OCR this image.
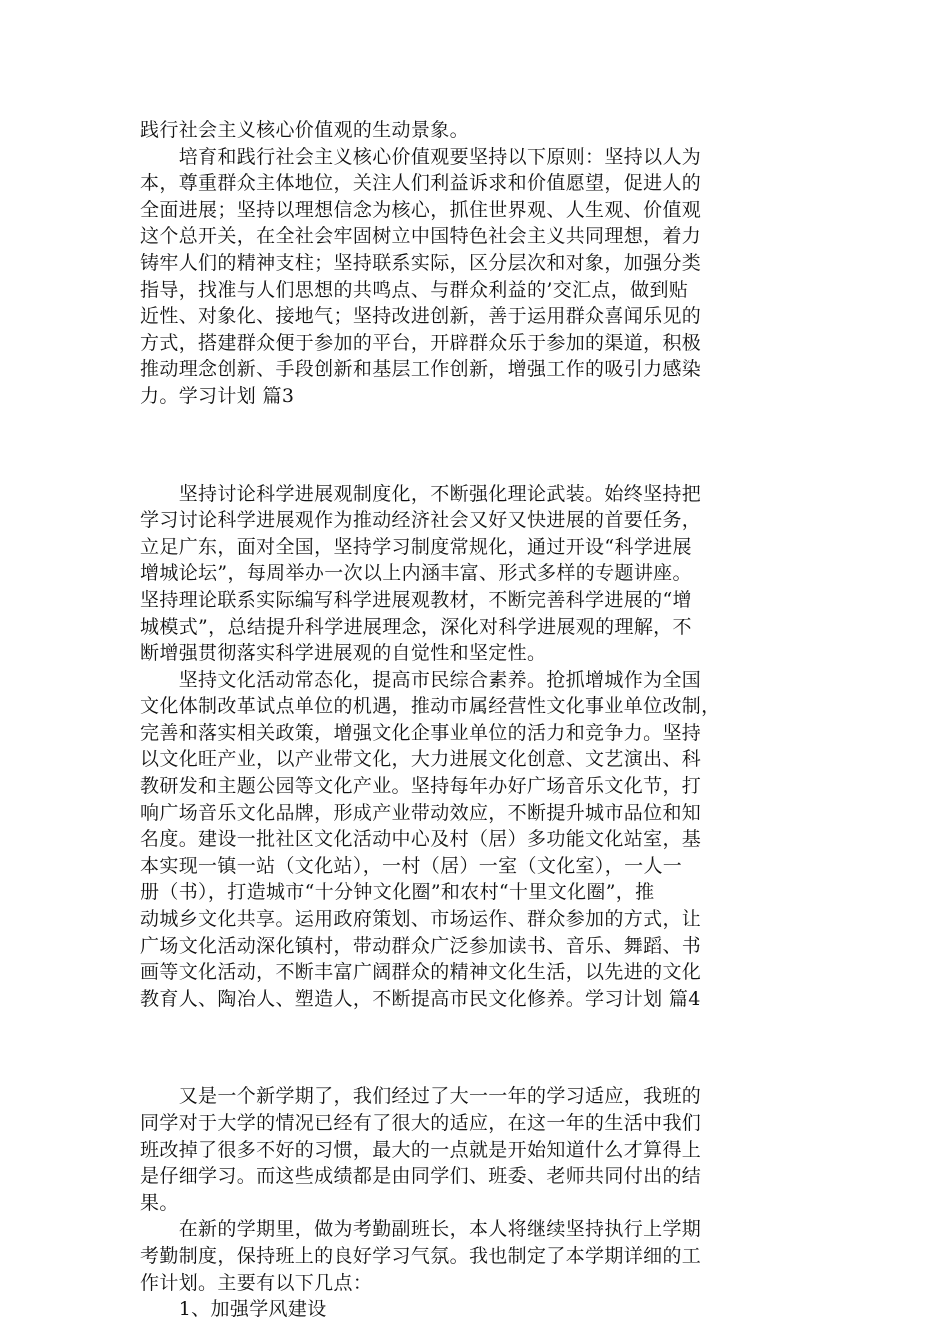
践行社会主义核心价值观的生动景象。
　　培育和践行社会主义核心价值观要坚持以下原则：坚持以人为
本，尊重群众主体地位，关注人们利益诉求和价值愿望，促进人的
全面进展；坚持以理想信念为核心，抓住世界观、人生观、价值观
这个总开关，在全社会牢固树立中国特色社会主义共同理想，着力
铸牢人们的精神支柱；坚持联系实际，区分层次和对象，加强分类
指导，找准与人们思想的共鸣点、与群众利益的’交汇点，做到贴
近性、对象化、接地气；坚持改进创新，善于运用群众喜闻乐见的
方式，搭建群众便于参加的平台，开辟群众乐于参加的渠道，积极
推动理念创新、手段创新和基层工作创新，增强工作的吸引力感染
力。学习计划 篇3
　　坚持讨论科学进展观制度化，不断强化理论武装。始终坚持把
学习讨论科学进展观作为推动经济社会又好又快进展的首要任务，
立足广东，面对全国，坚持学习制度常规化，通过开设“科学进展
增城论坛”，每周举办一次以上内涵丰富、形式多样的专题讲座。
坚持理论联系实际编写科学进展观教材，不断完善科学进展的“增
城模式”，总结提升科学进展理念，深化对科学进展观的理解，不
断增强贯彻落实科学进展观的自觉性和坚定性。
　　坚持文化活动常态化，提高市民综合素养。抢抓增城作为全国
文化体制改革试点单位的机遇，推动市属经营性文化事业单位改制，
完善和落实相关政策，增强文化企事业单位的活力和竞争力。坚持
以文化旺产业，以产业带文化，大力进展文化创意、文艺演出、科
教研发和主题公园等文化产业。坚持每年办好广场音乐文化节，打
响广场音乐文化品牌，形成产业带动效应，不断提升城市品位和知
名度。建设一批社区文化活动中心及村（居）多功能文化站室，基
本实现一镇一站（文化站），一村（居）一室（文化室），一人一
册（书），打造城市“十分钟文化圈”和农村“十里文化圈”，推
动城乡文化共享。运用政府策划、市场运作、群众参加的方式，让
广场文化活动深化镇村，带动群众广泛参加读书、音乐、舞蹈、书
画等文化活动，不断丰富广阔群众的精神文化生活，以先进的文化
教育人、陶冶人、塑造人，不断提高市民文化修养。学习计划 篇4
　　又是一个新学期了，我们经过了大一一年的学习适应，我班的
同学对于大学的情况已经有了很大的适应，在这一年的生活中我们
班改掉了很多不好的习惯，最大的一点就是开始知道什么才算得上
是仔细学习。而这些成绩都是由同学们、班委、老师共同付出的结
果。
　　在新的学期里，做为考勤副班长，本人将继续坚持执行上学期
考勤制度，保持班上的良好学习气氛。我也制定了本学期详细的工
作计划。主要有以下几点：
　　1、加强学风建设
